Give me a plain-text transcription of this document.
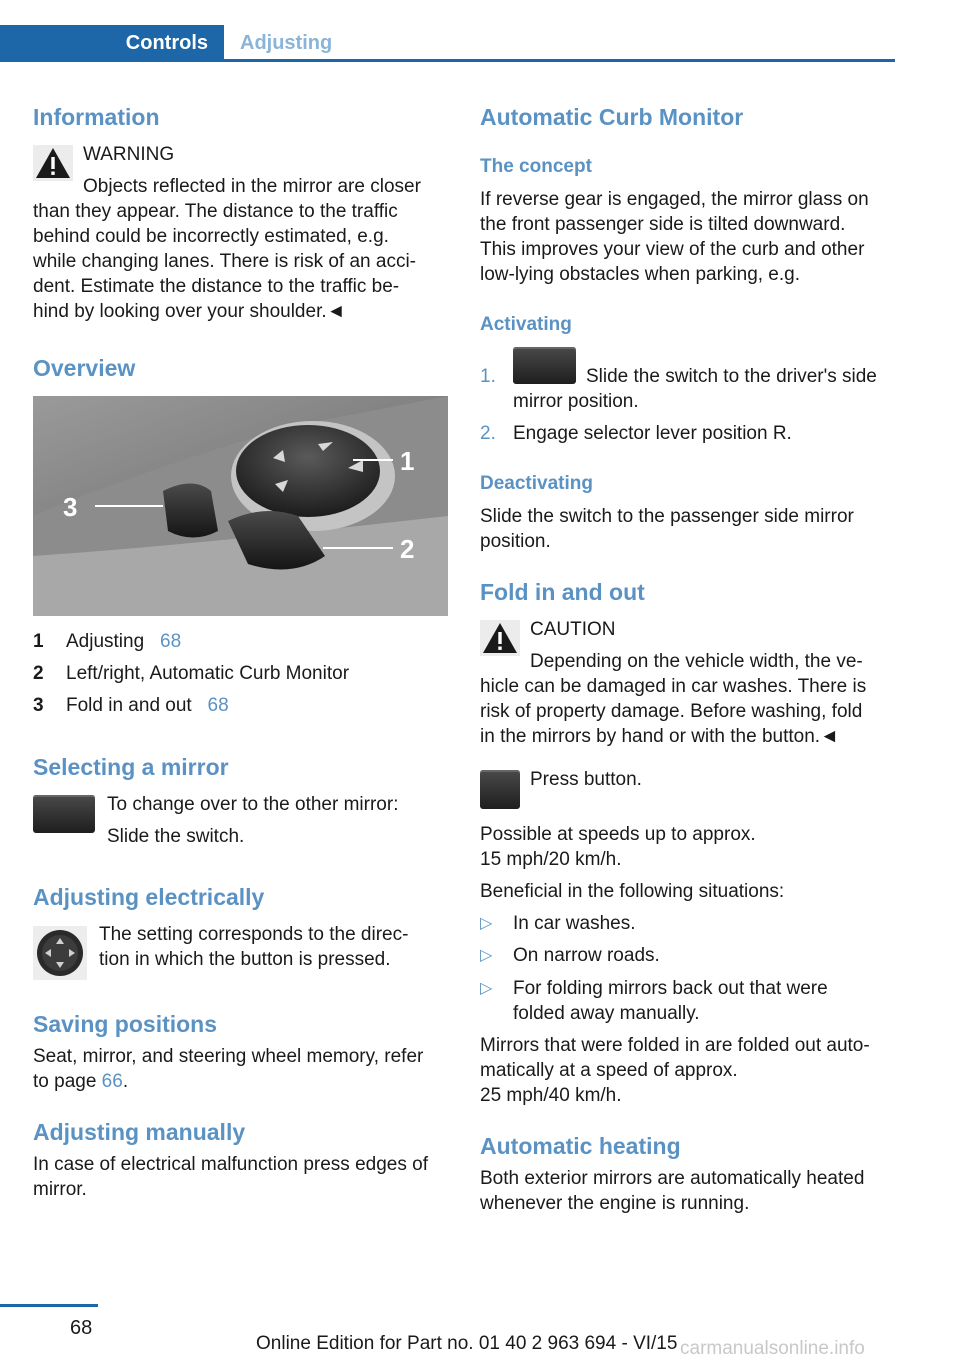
Controls	Adjusting
Information
WARNING
Objects reflected in the mirror are closer
than they appear. The distance to the traffic
behind could be incorrectly estimated, e.g.
while changing lanes. There is risk of an acci-
dent. Estimate the distance to the traffic be-
hind by looking over your shoulder.◄
Overview
3
1
2
1 Adjusting 68
2 Left/right, Automatic Curb Monitor
3 Fold in and out 68
Selecting a mirror
To change over to the other mirror:
Slide the switch.
Adjusting electrically
The setting corresponds to the direc-
tion in which the button is pressed.
Saving positions
Seat, mirror, and steering wheel memory, refer
to page 66.
Adjusting manually
In case of electrical malfunction press edges of
mirror.
Automatic Curb Monitor
The concept
If reverse gear is engaged, the mirror glass on
the front passenger side is tilted downward.
This improves your view of the curb and other
low-lying obstacles when parking, e.g.
Activating
1.	Slide the switch to the driver's side
mirror position.
2. Engage selector lever position R.
Deactivating
Slide the switch to the passenger side mirror
position.
Fold in and out
CAUTION
Depending on the vehicle width, the ve-
hicle can be damaged in car washes. There is
risk of property damage. Before washing, fold
in the mirrors by hand or with the button.◄
Press button.
Possible at speeds up to approx.
15 mph/20 km/h.
Beneficial in the following situations:
▷ In car washes.
▷ On narrow roads.
▷ For folding mirrors back out that were
folded away manually.
Mirrors that were folded in are folded out auto-
matically at a speed of approx.
25 mph/40 km/h.
Automatic heating
Both exterior mirrors are automatically heated
whenever the engine is running.
68
Online Edition for Part no. 01 40 2 963 694 - VI/15 carmanualsonline.info
